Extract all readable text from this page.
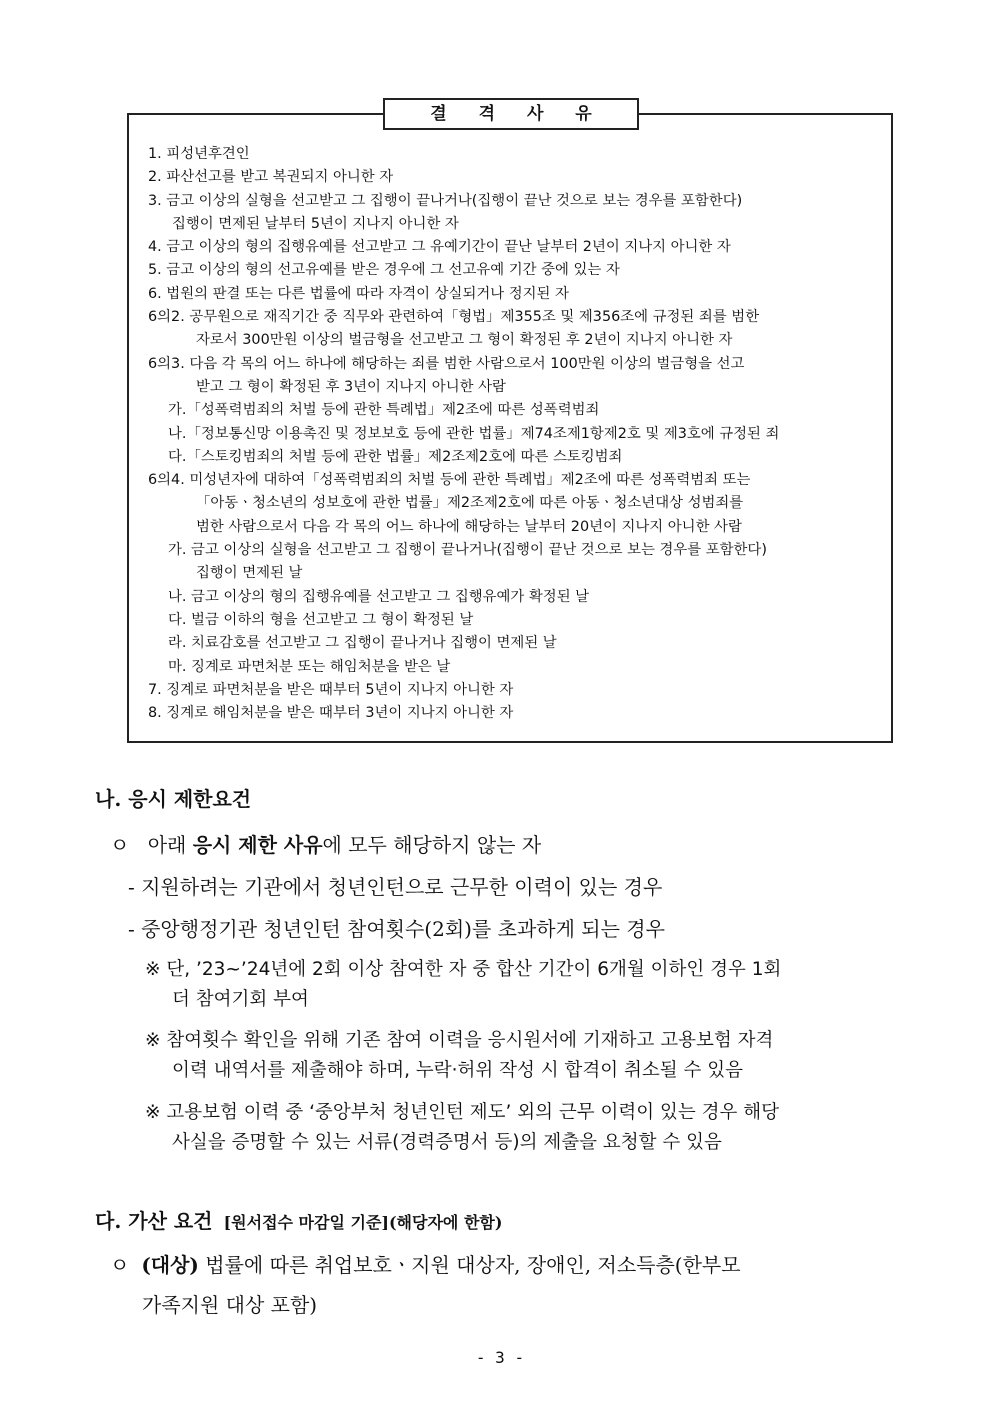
결 격 사 유
1. 피성년후견인
2. 파산선고를 받고 복권되지 아니한 자
3. 금고 이상의 실형을 선고받고 그 집행이 끝나거나(집행이 끝난 것으로 보는 경우를 포함한다)
집행이 면제된 날부터 5년이 지나지 아니한 자
4. 금고 이상의 형의 집행유예를 선고받고 그 유예기간이 끝난 날부터 2년이 지나지 아니한 자
5. 금고 이상의 형의 선고유예를 받은 경우에 그 선고유예 기간 중에 있는 자
6. 법원의 판결 또는 다른 법률에 따라 자격이 상실되거나 정지된 자
6의2. 공무원으로 재직기간 중 직무와 관련하여「형법」제355조 및 제356조에 규정된 죄를 범한
자로서 300만원 이상의 벌금형을 선고받고 그 형이 확정된 후 2년이 지나지 아니한 자
6의3. 다음 각 목의 어느 하나에 해당하는 죄를 범한 사람으로서 100만원 이상의 벌금형을 선고
받고 그 형이 확정된 후 3년이 지나지 아니한 사람
가.「성폭력범죄의 처벌 등에 관한 특례법」제2조에 따른 성폭력범죄
나.「정보통신망 이용촉진 및 정보보호 등에 관한 법률」제74조제1항제2호 및 제3호에 규정된 죄
다.「스토킹범죄의 처벌 등에 관한 법률」제2조제2호에 따른 스토킹범죄
6의4. 미성년자에 대하여「성폭력범죄의 처벌 등에 관한 특례법」제2조에 따른 성폭력범죄 또는
「아동ㆍ청소년의 성보호에 관한 법률」제2조제2호에 따른 아동ㆍ청소년대상 성범죄를
범한 사람으로서 다음 각 목의 어느 하나에 해당하는 날부터 20년이 지나지 아니한 사람
가. 금고 이상의 실형을 선고받고 그 집행이 끝나거나(집행이 끝난 것으로 보는 경우를 포함한다)
집행이 면제된 날
나. 금고 이상의 형의 집행유예를 선고받고 그 집행유예가 확정된 날
다. 벌금 이하의 형을 선고받고 그 형이 확정된 날
라. 치료감호를 선고받고 그 집행이 끝나거나 집행이 면제된 날
마. 징계로 파면처분 또는 해임처분을 받은 날
7. 징계로 파면처분을 받은 때부터 5년이 지나지 아니한 자
8. 징계로 해임처분을 받은 때부터 3년이 지나지 아니한 자
나. 응시 제한요건
ㅇ 아래 응시 제한 사유에 모두 해당하지 않는 자
- 지원하려는 기관에서 청년인턴으로 근무한 이력이 있는 경우
- 중앙행정기관 청년인턴 참여횟수(2회)를 초과하게 되는 경우
※ 단, ’23~’24년에 2회 이상 참여한 자 중 합산 기간이 6개월 이하인 경우 1회
더 참여기회 부여
※ 참여횟수 확인을 위해 기존 참여 이력을 응시원서에 기재하고 고용보험 자격
이력 내역서를 제출해야 하며, 누락·허위 작성 시 합격이 취소될 수 있음
※ 고용보험 이력 중 ‘중앙부처 청년인턴 제도’ 외의 근무 이력이 있는 경우 해당
사실을 증명할 수 있는 서류(경력증명서 등)의 제출을 요청할 수 있음
다. 가산 요건 [원서접수 마감일 기준](해당자에 한함)
ㅇ (대상) 법률에 따른 취업보호ㆍ지원 대상자, 장애인, 저소득층(한부모
가족지원 대상 포함)
- 3 -
